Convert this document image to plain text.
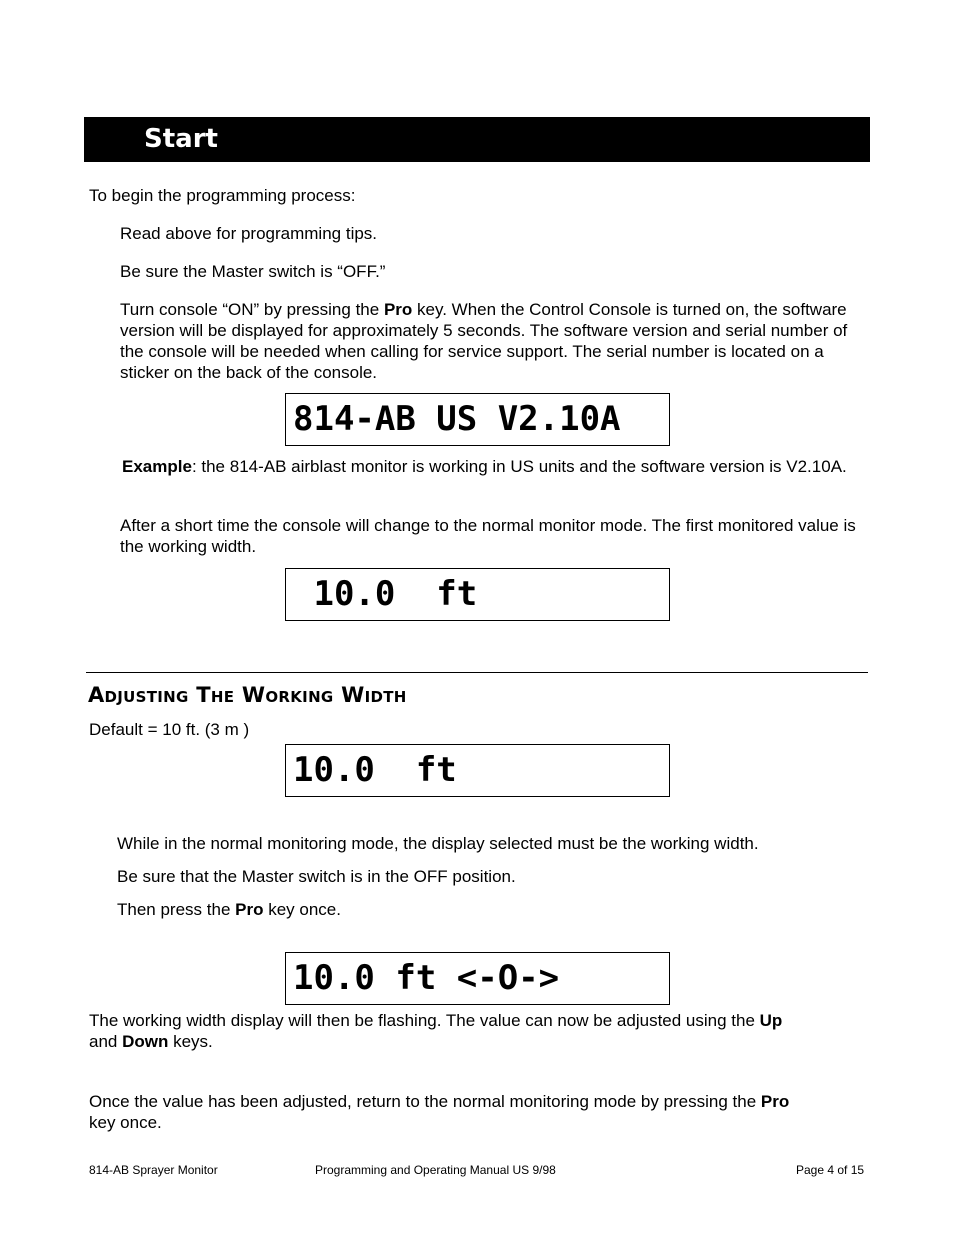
Start

To begin the programming process:

Read above for programming tips.

Be sure the Master switch is “OFF.”

Turn console “ON” by pressing the Pro key. When the Control Console is turned on, the software version will be displayed for approximately 5 seconds. The software version and serial number of the console will be needed when calling for service support. The serial number is located on a sticker on the back of the console.

814-AB US V2.10A

Example: the 814-AB airblast monitor is working in US units and the software version is V2.10A.

After a short time the console will change to the normal monitor mode. The first monitored value is the working width.

10.0  ft
Adjusting The Working Width

Default = 10 ft. (3 m )

10.0  ft

While in the normal monitoring mode, the display selected must be the working width.

Be sure that the Master switch is in the OFF position.

Then press the Pro key once.

10.0 ft <-O->

The working width display will then be flashing. The value can now be adjusted using the Up
and Down keys.

Once the value has been adjusted, return to the normal monitoring mode by pressing the Pro
key once.

814-AB Sprayer Monitor	Programming and Operating Manual US 9/98	Page 4 of 15
